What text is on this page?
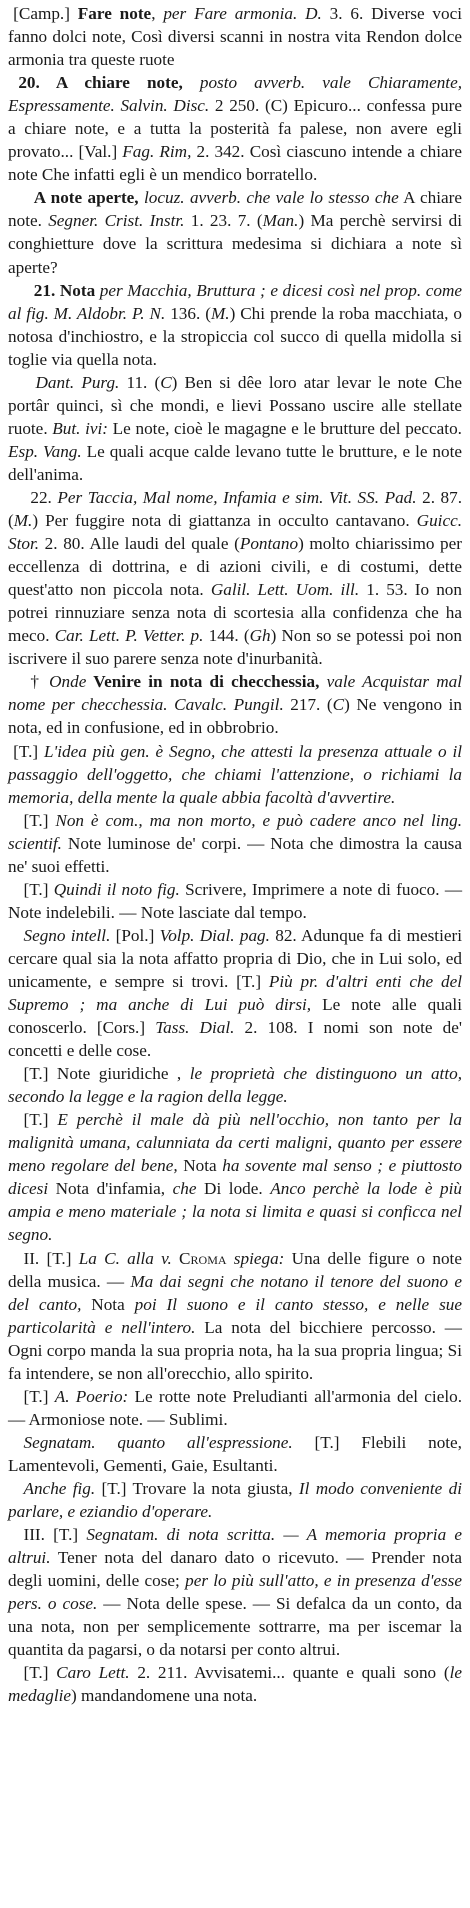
[Camp.] Fare note, per Fare armonia. D. 3. 6. Diverse voci fanno dolci note, Così diversi scanni in nostra vita Rendon dolce armonia tra queste ruote

20. A chiare note, posto avverb. vale Chiaramente, Espressamente. Salvin. Disc. 2 250. (C) Epicuro... confessa pure a chiare note, e a tutta la posterità fa palese, non avere egli provato... [Val.] Fag. Rim, 2. 342. Così ciascuno intende a chiare note Che infatti egli è un mendico borratello.

A note aperte, locuz. avverb. che vale lo stesso che A chiare note. Segner. Crist. Instr. 1. 23. 7. (Man.) Ma perchè servirsi di conghietture dove la scrittura medesima si dichiara a note sì aperte?

21. Nota per Macchia, Bruttura ; e dicesi così nel prop. come al fig. M. Aldobr. P. N. 136. (M.) Chi prende la roba macchiata, o notosa d'inchiostro, e la stropiccia col succo di quella midolla si toglie via quella nota.

Dant. Purg. 11. (C) Ben si dêe loro atar levar le note Che portâr quinci, sì che mondi, e lievi Possano uscire alle stellate ruote. But. ivi: Le note, cioè le magagne e le brutture del peccato. Esp. Vang. Le quali acque calde levano tutte le brutture, e le note dell'anima.

22. Per Taccia, Mal nome, Infamia e sim. Vit. SS. Pad. 2. 87. (M.) Per fuggire nota di giattanza in occulto cantavano. Guicc. Stor. 2. 80. Alle laudi del quale (Pontano) molto chiarissimo per eccellenza di dottrina, e di azioni civili, e di costumi, dette quest'atto non piccola nota. Galil. Lett. Uom. ill. 1. 53. Io non potrei rinnuziare senza nota di scortesia alla confidenza che ha meco. Car. Lett. P. Vetter. p. 144. (Gh) Non so se potessi poi non iscrivere il suo parere senza note d'inurbanità.

† Onde Venire in nota di checchessia, vale Acquistar mal nome per checchessia. Cavalc. Pungil. 217. (C) Ne vengono in nota, ed in confusione, ed in obbrobrio.

[T.] L'idea più gen. è Segno, che attesti la presenza attuale o il passaggio dell'oggetto, che chiami l'attenzione, o richiami la memoria, della mente la quale abbia facoltà d'avvertire.

[T.] Non è com., ma non morto, e può cadere anco nel ling. scientif. Note luminose de' corpi. — Nota che dimostra la causa ne' suoi effetti.

[T.] Quindi il noto fig. Scrivere, Imprimere a note di fuoco. — Note indelebili. — Note lasciate dal tempo.

Segno intell. [Pol.] Volp. Dial. pag. 82. Adunque fa di mestieri cercare qual sia la nota affatto propria di Dio, che in Lui solo, ed unicamente, e sempre si trovi. [T.] Più pr. d'altri enti che del Supremo ; ma anche di Lui può dirsi, Le note alle quali conoscerlo. [Cors.] Tass. Dial. 2. 108. I nomi son note de' concetti e delle cose.

[T.] Note giuridiche , le proprietà che distinguono un atto, secondo la legge e la ragion della legge.

[T.] E perchè il male dà più nell'occhio, non tanto per la malignità umana, calunniata da certi maligni, quanto per essere meno regolare del bene, Nota ha sovente mal senso ; e piuttosto dicesi Nota d'infamia, che Di lode. Anco perchè la lode è più ampia e meno materiale ; la nota si limita e quasi si conficca nel segno.

II. [T.] La C. alla v. Croma spiega: Una delle figure o note della musica. — Ma dai segni che notano il tenore del suono e del canto, Nota poi Il suono e il canto stesso, e nelle sue particolarità e nell'intero. La nota del bicchiere percosso. — Ogni corpo manda la sua propria nota, ha la sua propria lingua; Si fa intendere, se non all'orecchio, allo spirito.

[T.] A. Poerio: Le rotte note Preludianti all'armonia del cielo. — Armoniose note. — Sublimi.

Segnatam. quanto all'espressione. [T.] Flebili note, Lamentevoli, Gementi, Gaie, Esultanti.

Anche fig. [T.] Trovare la nota giusta, Il modo conveniente di parlare, e eziandio d'operare.

III. [T.] Segnatam. di nota scritta. — A memoria propria e altrui. Tener nota del danaro dato o ricevuto. — Prender nota degli uomini, delle cose; per lo più sull'atto, e in presenza d'esse pers. o cose. — Nota delle spese. — Si defalca da un conto, da una nota, non per semplicemente sottrarre, ma per iscemar la quantita da pagarsi, o da notarsi per conto altrui.

[T.] Caro Lett. 2. 211. Avvisatemi... quante e quali sono (le medaglie) mandandomene una nota.
